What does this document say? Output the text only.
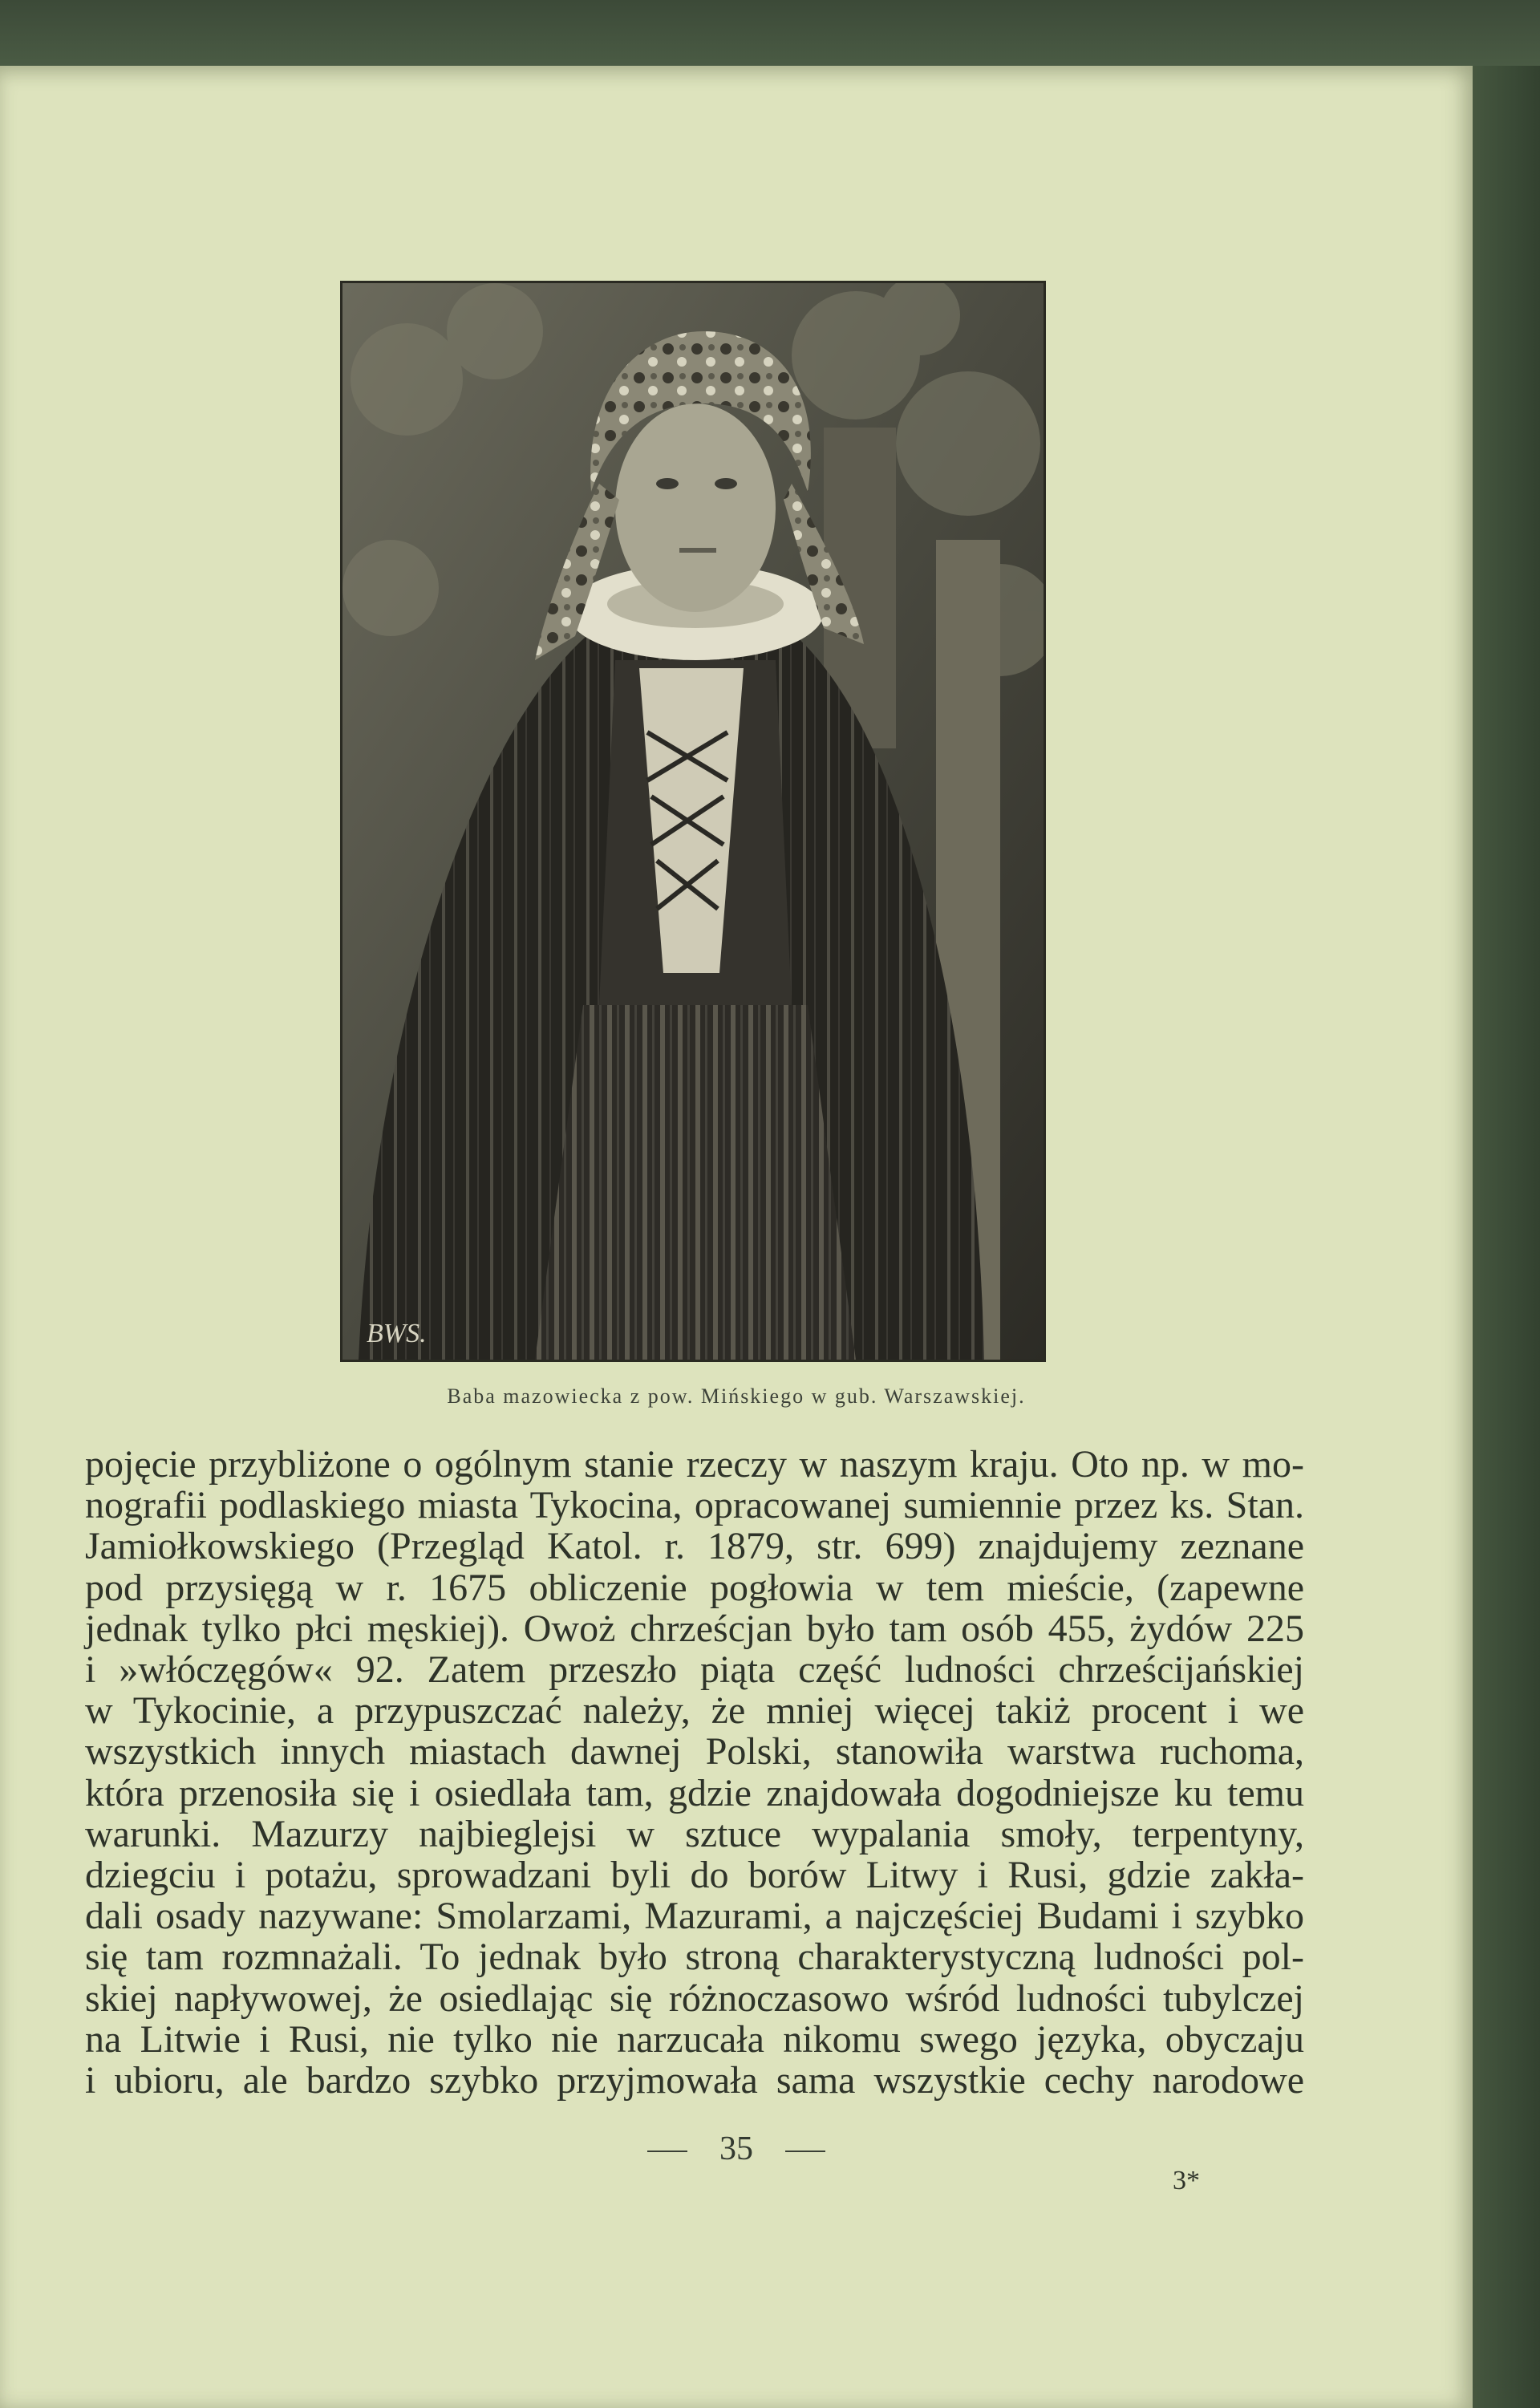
BWS.
Baba mazowiecka z pow. Mińskiego w gub. Warszawskiej.
pojęcie przybliżone o ogólnym stanie rzeczy w naszym kraju. Oto np. w mo-
nografii podlaskiego miasta Tykocina, opracowanej sumiennie przez ks. Stan.
Jamiołkowskiego (Przegląd Katol. r. 1879, str. 699) znajdujemy zeznane
pod przysięgą w r. 1675 obliczenie pogłowia w tem mieście, (zapewne
jednak tylko płci męskiej). Owoż chrześcjan było tam osób 455, żydów 225
i »włóczęgów« 92. Zatem przeszło piąta część ludności chrześcijańskiej
w Tykocinie, a przypuszczać należy, że mniej więcej takiż procent i we
wszystkich innych miastach dawnej Polski, stanowiła warstwa ruchoma,
która przenosiła się i osiedlała tam, gdzie znajdowała dogodniejsze ku temu
warunki. Mazurzy najbieglejsi w sztuce wypalania smoły, terpentyny,
dziegciu i potażu, sprowadzani byli do borów Litwy i Rusi, gdzie zakła-
dali osady nazywane: Smolarzami, Mazurami, a najczęściej Budami i szybko
się tam rozmnażali. To jednak było stroną charakterystyczną ludności pol-
skiej napływowej, że osiedlając się różnoczasowo wśród ludności tubylczej
na Litwie i Rusi, nie tylko nie narzucała nikomu swego języka, obyczaju
i ubioru, ale bardzo szybko przyjmowała sama wszystkie cechy narodowe
35
3*
